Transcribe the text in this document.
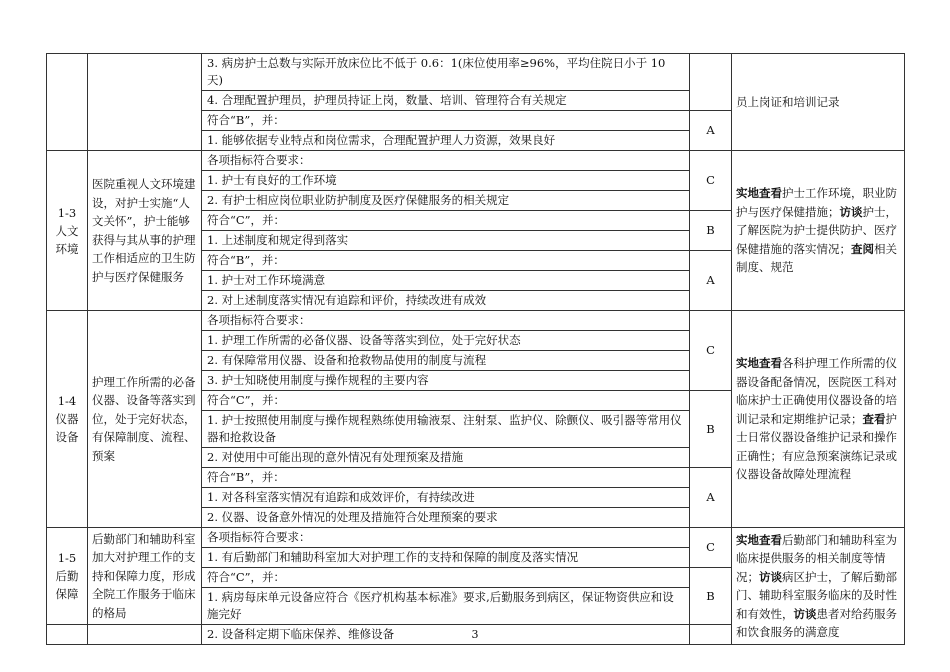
		3. 病房护士总数与实际开放床位比不低于 0.6：1(床位使用率≥96%，平均住院日小于 10 天)		员上岗证和培训记录
		4. 合理配置护理员，护理员持证上岗，数量、培训、管理符合有关规定		
		符合“B”，并：	A	
		1. 能够依据专业特点和岗位需求，合理配置护理人力资源，效果良好		
1-3 人文环境	医院重视人文环境建设，对护士实施“人文关怀”，护士能够获得与其从事的护理工作相适应的卫生防护与医疗保健服务	各项指标符合要求：	C	实地查看护士工作环境，职业防护与医疗保健措施；访谈护士，了解医院为护士提供防护、医疗保健措施的落实情况；查阅相关制度、规范
		1. 护士有良好的工作环境		
		2. 有护士相应岗位职业防护制度及医疗保健服务的相关规定		
		符合“C”，并：	B	
		1. 上述制度和规定得到落实		
		符合“B”，并：	A	
		1. 护士对工作环境满意		
		2. 对上述制度落实情况有追踪和评价，持续改进有成效		
1-4 仪器设备	护理工作所需的必备仪器、设备等落实到位，处于完好状态，有保障制度、流程、预案	各项指标符合要求：	C	实地查看各科护理工作所需的仪器设备配备情况，医院医工科对临床护士正确使用仪器设备的培训记录和定期维护记录；查看护士日常仪器设备维护记录和操作正确性；有应急预案演练记录或仪器设备故障处理流程
		1. 护理工作所需的必备仪器、设备等落实到位，处于完好状态		
		2. 有保障常用仪器、设备和抢救物品使用的制度与流程		
		3. 护士知晓使用制度与操作规程的主要内容		
		符合“C”，并：	B	
		1. 护士按照使用制度与操作规程熟练使用输液泵、注射泵、监护仪、除颤仪、吸引器等常用仪器和抢救设备		
		2. 对使用中可能出现的意外情况有处理预案及措施		
		符合“B”，并：	A	
		1. 对各科室落实情况有追踪和成效评价，有持续改进		
		2. 仪器、设备意外情况的处理及措施符合处理预案的要求		
1-5 后勤保障	后勤部门和辅助科室加大对护理工作的支持和保障力度，形成全院工作服务于临床的格局	各项指标符合要求：	C	实地查看后勤部门和辅助科室为临床提供服务的相关制度等情况；访谈病区护士，了解后勤部门、辅助科室服务临床的及时性和有效性，访谈患者对给药服务和饮食服务的满意度
		1. 有后勤部门和辅助科室加大对护理工作的支持和保障的制度及落实情况		
		符合“C”，并：	B	
		1. 病房每床单元设备应符合《医疗机构基本标准》要求,后勤服务到病区，保证物资供应和设施完好		
		2. 设备科定期下临床保养、维修设备			3
